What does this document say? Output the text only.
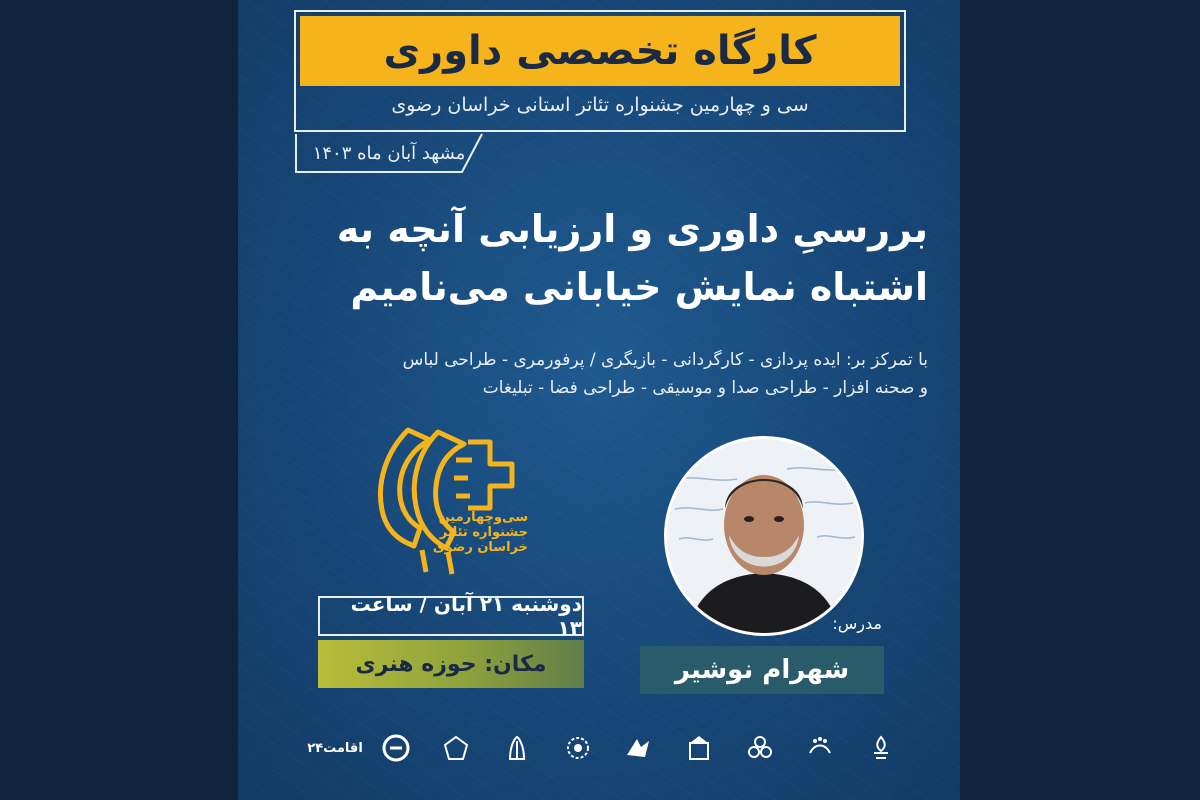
کارگاه تخصصی داوری
سی و چهارمین جشنواره تئاتر استانی خراسان رضوی
مشهد آبان ماه ۱۴۰۳
بررسیِ داوری و ارزیابی آنچه به
اشتباه نمایش خیابانی می‌نامیم
با تمرکز بر: ایده پردازی - کارگردانی - بازیگری / پرفورمری - طراحی لباس
و صحنه افزار - طراحی صدا و موسیقی - طراحی فضا - تبلیغات
سی‌وچهارمین
جشنواره تئاتر
خراسان رضوی
دوشنبه ۲۱ آبان / ساعت ۱۳
مکان: حوزه هنری
مدرس:
شهرام نوشیر
اقامت۲۴
